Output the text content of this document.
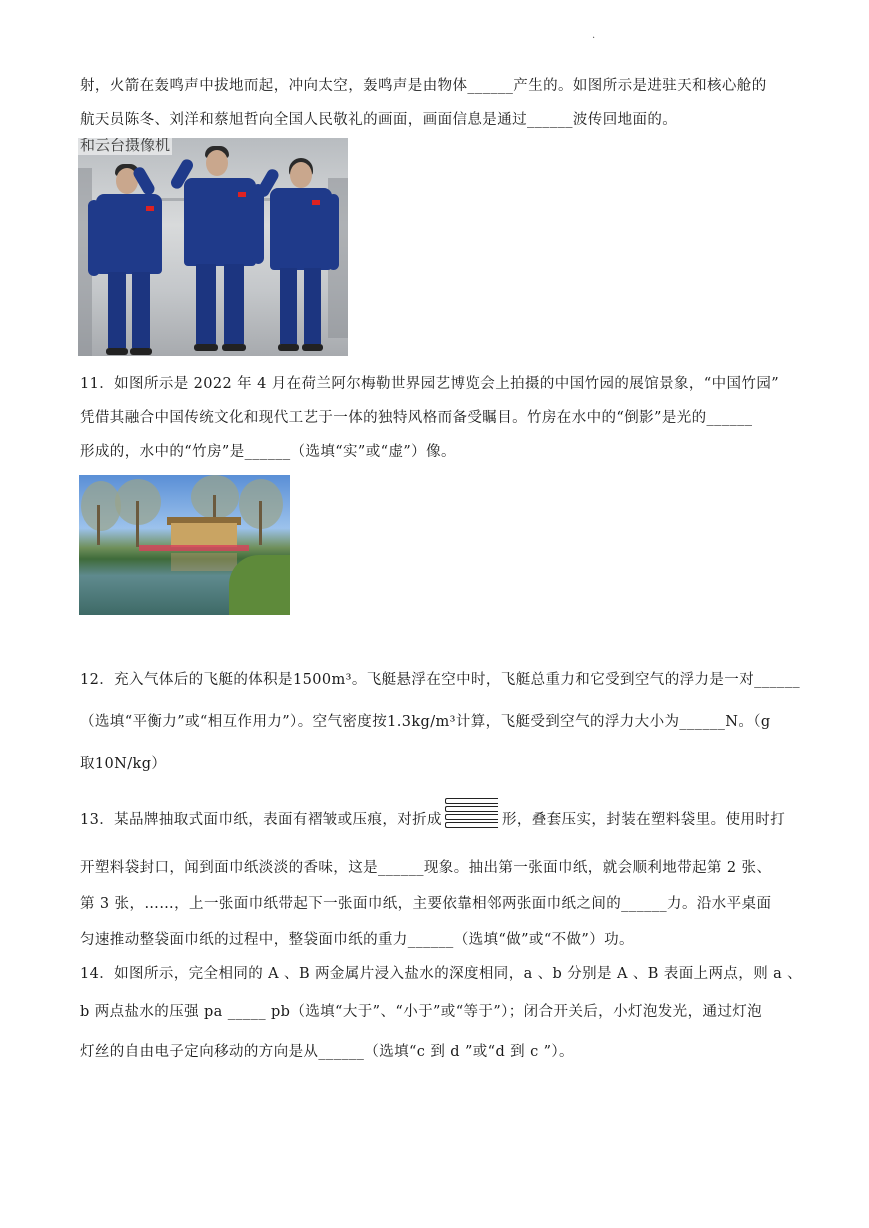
.
射，火箭在轰鸣声中拔地而起，冲向太空，轰鸣声是由物体______产生的。如图所示是进驻天和核心舱的
航天员陈冬、刘洋和蔡旭哲向全国人民敬礼的画面，画面信息是通过______波传回地面的。
和云台摄像机
11．如图所示是 2022 年 4 月在荷兰阿尔梅勒世界园艺博览会上拍摄的中国竹园的展馆景象，“中国竹园”
凭借其融合中国传统文化和现代工艺于一体的独特风格而备受瞩目。竹房在水中的“倒影”是光的______
形成的，水中的“竹房”是______（选填“实”或“虚”）像。
12．充入气体后的飞艇的体积是1500m³。飞艇悬浮在空中时，飞艇总重力和它受到空气的浮力是一对______
（选填“平衡力”或“相互作用力”）。空气密度按1.3kg/m³计算，飞艇受到空气的浮力大小为______N。（g
取10N/kg）
13．某品牌抽取式面巾纸，表面有褶皱或压痕，对折成	形，叠套压实，封装在塑料袋里。使用时打
开塑料袋封口，闻到面巾纸淡淡的香味，这是______现象。抽出第一张面巾纸，就会顺利地带起第 2 张、
第 3 张，……，上一张面巾纸带起下一张面巾纸，主要依靠相邻两张面巾纸之间的______力。沿水平桌面
匀速推动整袋面巾纸的过程中，整袋面巾纸的重力______（选填“做”或“不做”）功。
14．如图所示，完全相同的 A 、B 两金属片浸入盐水的深度相同，a 、b 分别是 A 、B 表面上两点，则 a 、
b 两点盐水的压强 pa _____ pb（选填“大于”、“小于”或“等于”）；闭合开关后，小灯泡发光，通过灯泡
灯丝的自由电子定向移动的方向是从______（选填“c 到 d ”或“d 到 c ”）。
